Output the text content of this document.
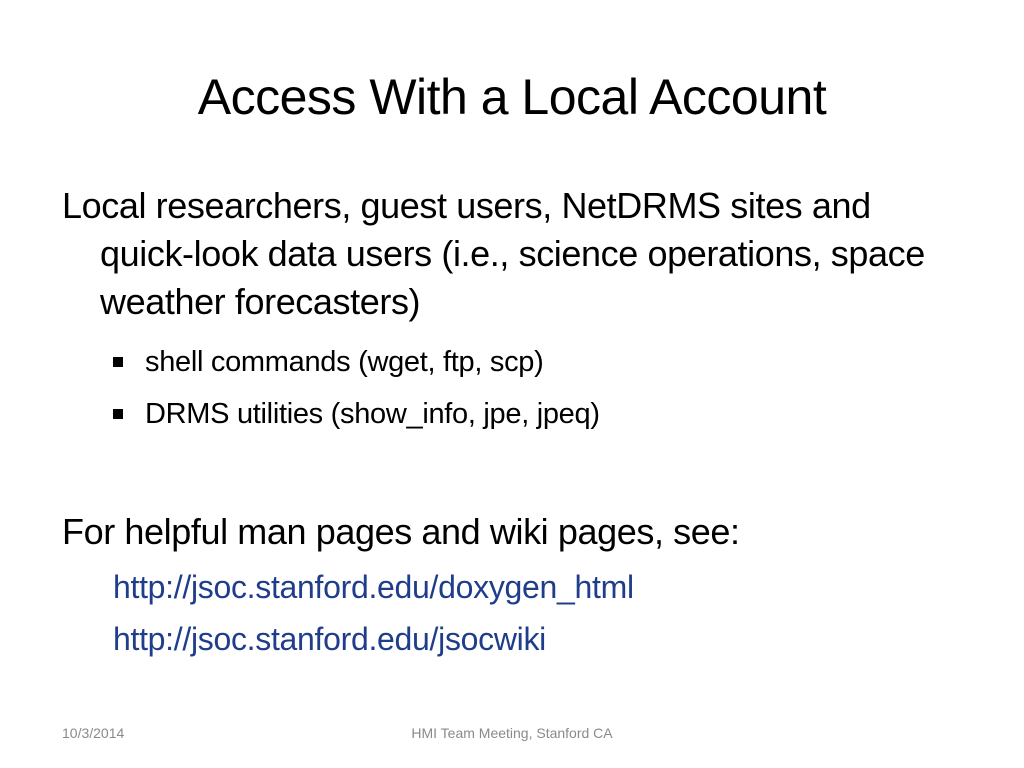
Access With a Local Account
Local researchers, guest users, NetDRMS sites and quick-look data users (i.e., science operations, space weather forecasters)
shell commands (wget, ftp, scp)
DRMS utilities (show_info, jpe, jpeq)
For helpful man pages and wiki pages, see:
http://jsoc.stanford.edu/doxygen_html
http://jsoc.stanford.edu/jsocwiki
10/3/2014	HMI Team Meeting, Stanford CA
